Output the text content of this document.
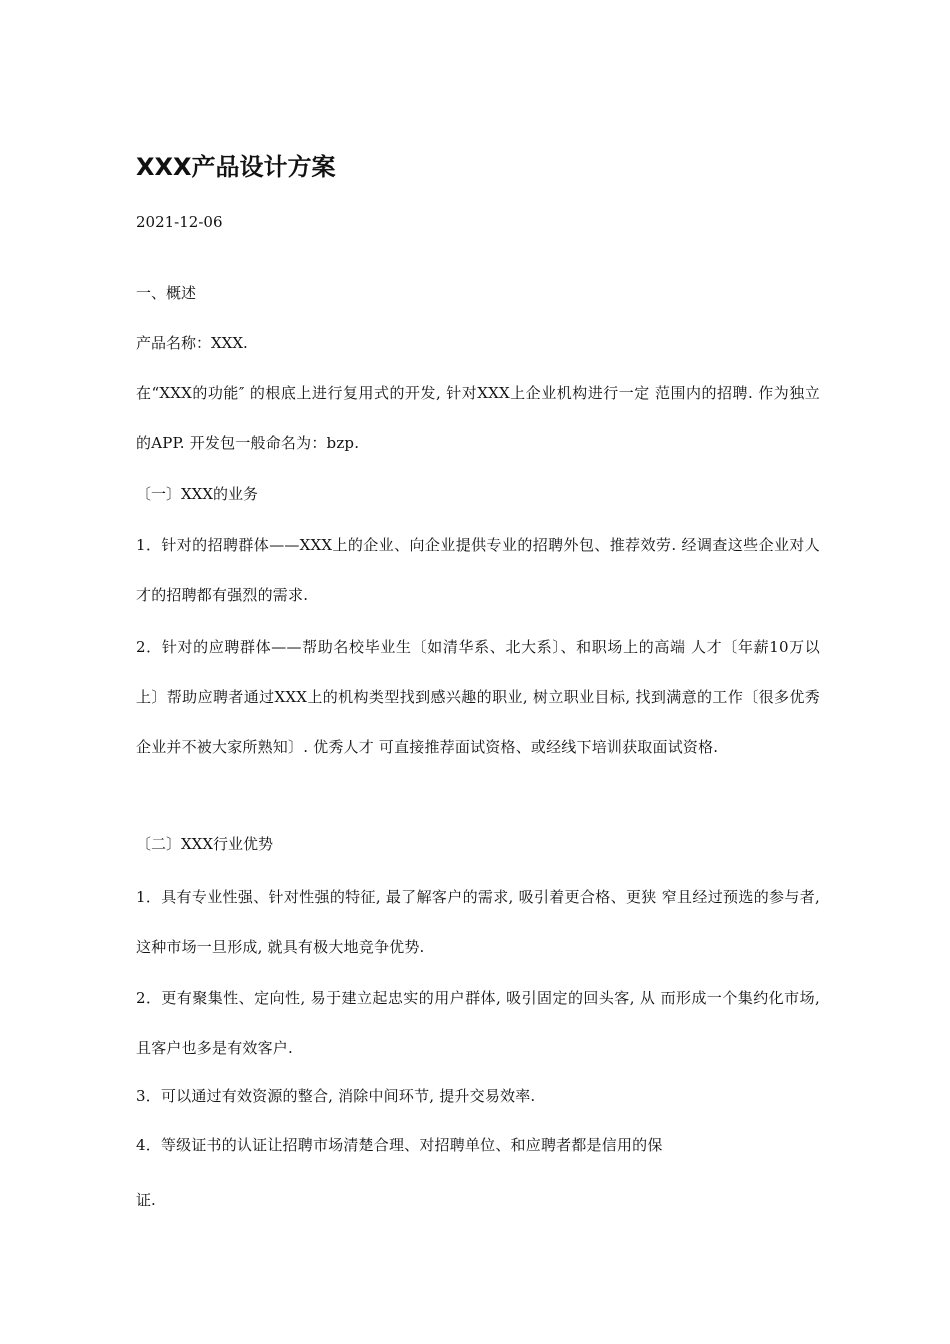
XXX产品设计方案
2021-12-06
一、概述
产品名称：XXX.
在“XXX的功能″ 的根底上进行复用式的开发, 针对XXX上企业机构进行一定 范围内的招聘. 作为独立的APP. 开发包一般命名为：bzp.
〔一〕XXX的业务
1．针对的招聘群体——XXX上的企业、向企业提供专业的招聘外包、推荐效劳. 经调查这些企业对人才的招聘都有强烈的需求.
2．针对的应聘群体——帮助名校毕业生〔如清华系、北大系〕、和职场上的高端 人才〔年薪10万以上〕帮助应聘者通过XXX上的机构类型找到感兴趣的职业, 树立职业目标, 找到满意的工作〔很多优秀企业并不被大家所熟知〕. 优秀人才 可直接推荐面试资格、或经线下培训获取面试资格.
〔二〕XXX行业优势
1．具有专业性强、针对性强的特征, 最了解客户的需求, 吸引着更合格、更狭 窄且经过预选的参与者, 这种市场一旦形成, 就具有极大地竞争优势.
2．更有聚集性、定向性, 易于建立起忠实的用户群体, 吸引固定的回头客, 从 而形成一个集约化市场, 且客户也多是有效客户.
3．可以通过有效资源的整合, 消除中间环节, 提升交易效率.
4．等级证书的认证让招聘市场清楚合理、对招聘单位、和应聘者都是信用的保
证.
